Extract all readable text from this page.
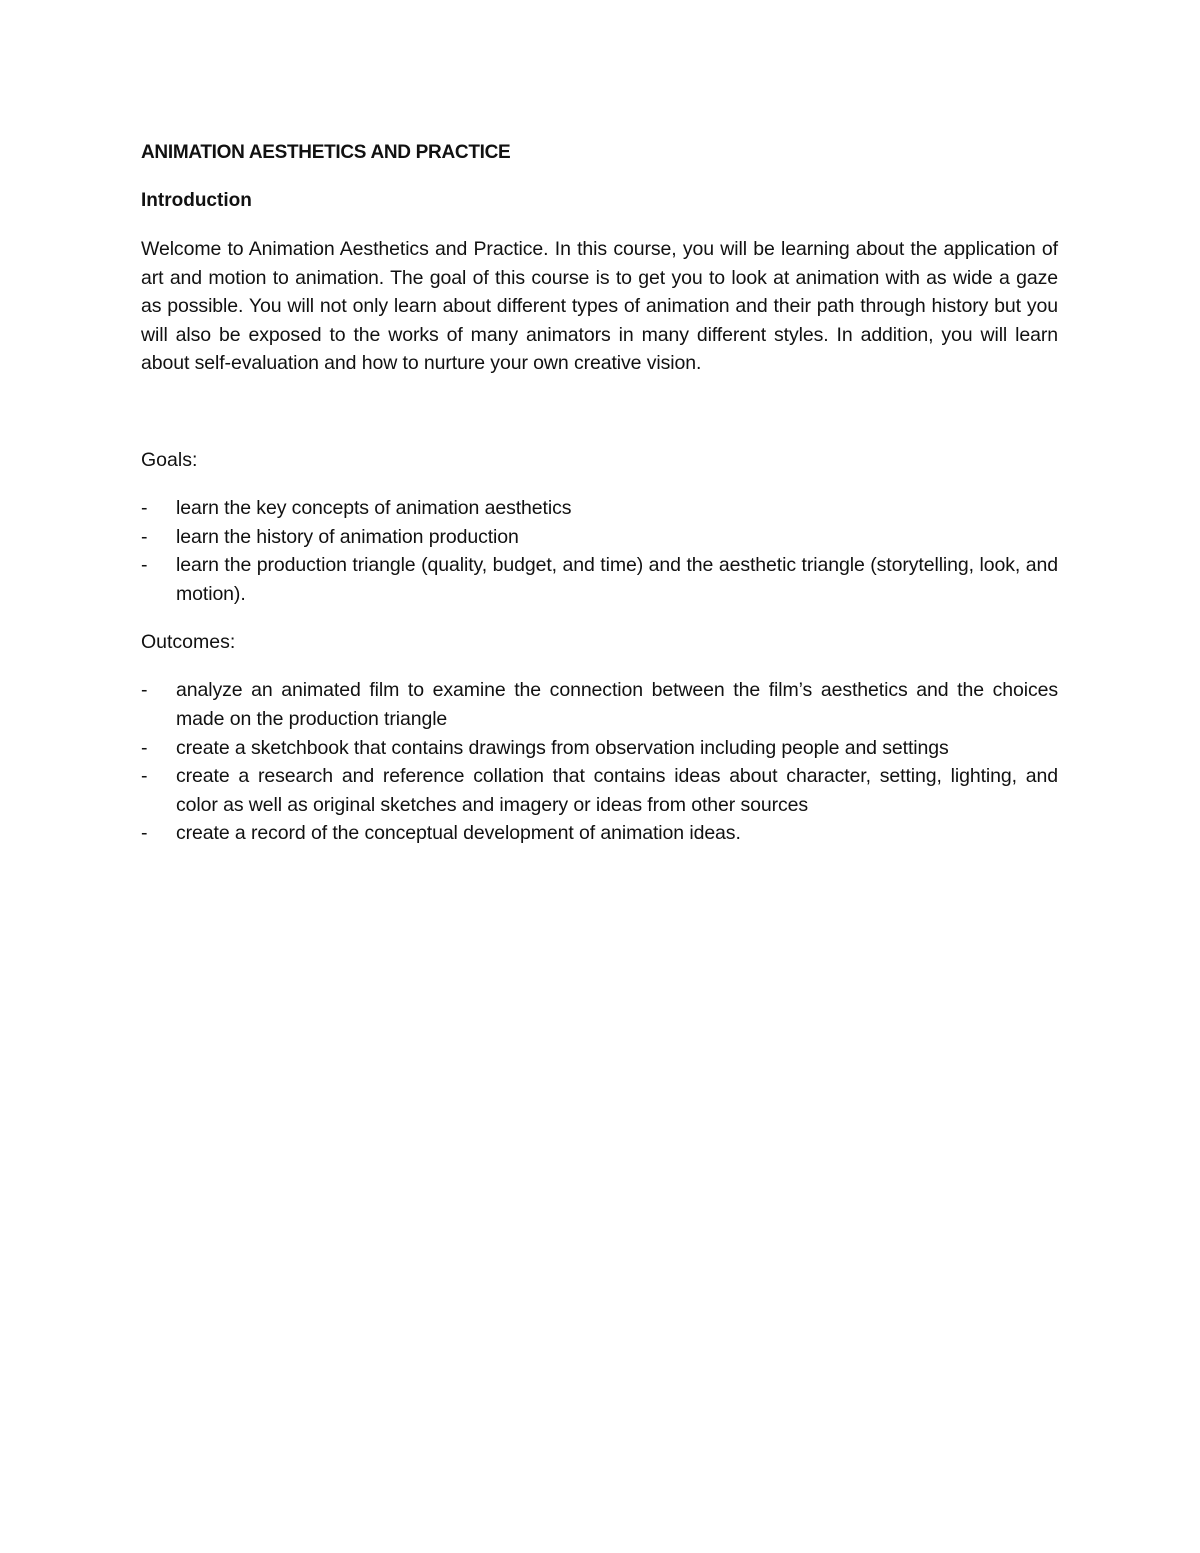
ANIMATION AESTHETICS AND PRACTICE
Introduction

Welcome to Animation Aesthetics and Practice. In this course, you will be learning about the application of art and motion to animation. The goal of this course is to get you to look at animation with as wide a gaze as possible. You will not only learn about different types of animation and their path through history but you will also be exposed to the works of many animators in many different styles. In addition, you will learn about self-evaluation and how to nurture your own creative vision.

Goals:

- learn the key concepts of animation aesthetics
- learn the history of animation production
- learn the production triangle (quality, budget, and time) and the aesthetic triangle (storytelling, look, and motion).

Outcomes:

- analyze an animated film to examine the connection between the film’s aesthetics and the choices made on the production triangle
- create a sketchbook that contains drawings from observation including people and settings
- create a research and reference collation that contains ideas about character, setting, lighting, and color as well as original sketches and imagery or ideas from other sources
- create a record of the conceptual development of animation ideas.
